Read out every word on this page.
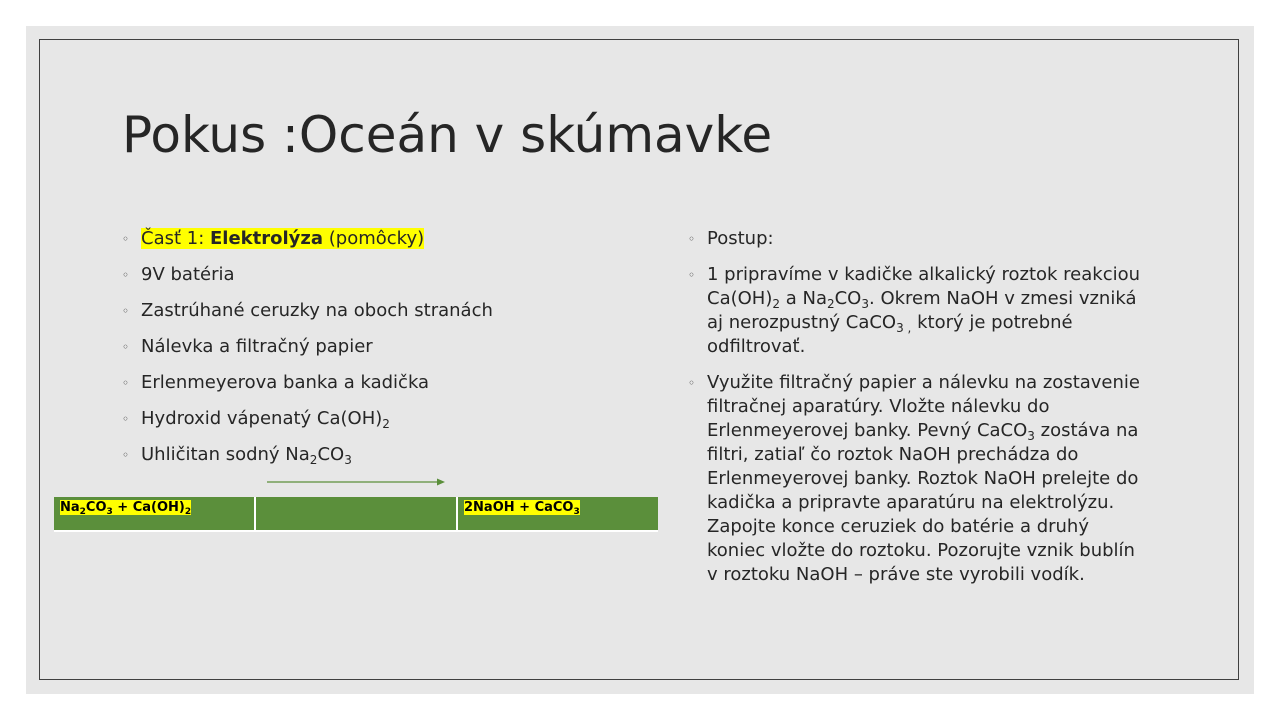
Pokus :Oceán v skúmavke
◦ Časť 1: Elektrolýza (pomôcky)
◦ 9V batéria
◦ Zastrúhané ceruzky na oboch stranách
◦ Nálevka a filtračný papier
◦ Erlenmeyerova banka a kadička
◦ Hydroxid vápenatý $Ca(OH)_2$
◦ Uhličitan sodný $Na_2CO_3$
$Na_2CO_3 + Ca(OH)_2$		2NaOH + CaCO$_3$
◦ Postup:
◦ 1 pripravíme v kadičke alkalický roztok reakciou $Ca(OH)_2$ a $Na_2CO_3$. Okrem NaOH v zmesi vzniká aj nerozpustný CaCO$_{3 ,}$ ktorý je potrebné odfiltrovať.
◦ Využite filtračný papier a nálevku na zostavenie filtračnej aparatúry. Vložte nálevku do Erlenmeyerovej banky. Pevný CaCO$_3$ zostáva na filtri, zatiaľ čo roztok NaOH prechádza do Erlenmeyerovej banky. Roztok NaOH prelejte do kadička a pripravte aparatúru na elektrolýzu. Zapojte konce ceruziek do batérie a druhý koniec vložte do roztoku. Pozorujte vznik bublín v roztoku NaOH – práve ste vyrobili vodík.
